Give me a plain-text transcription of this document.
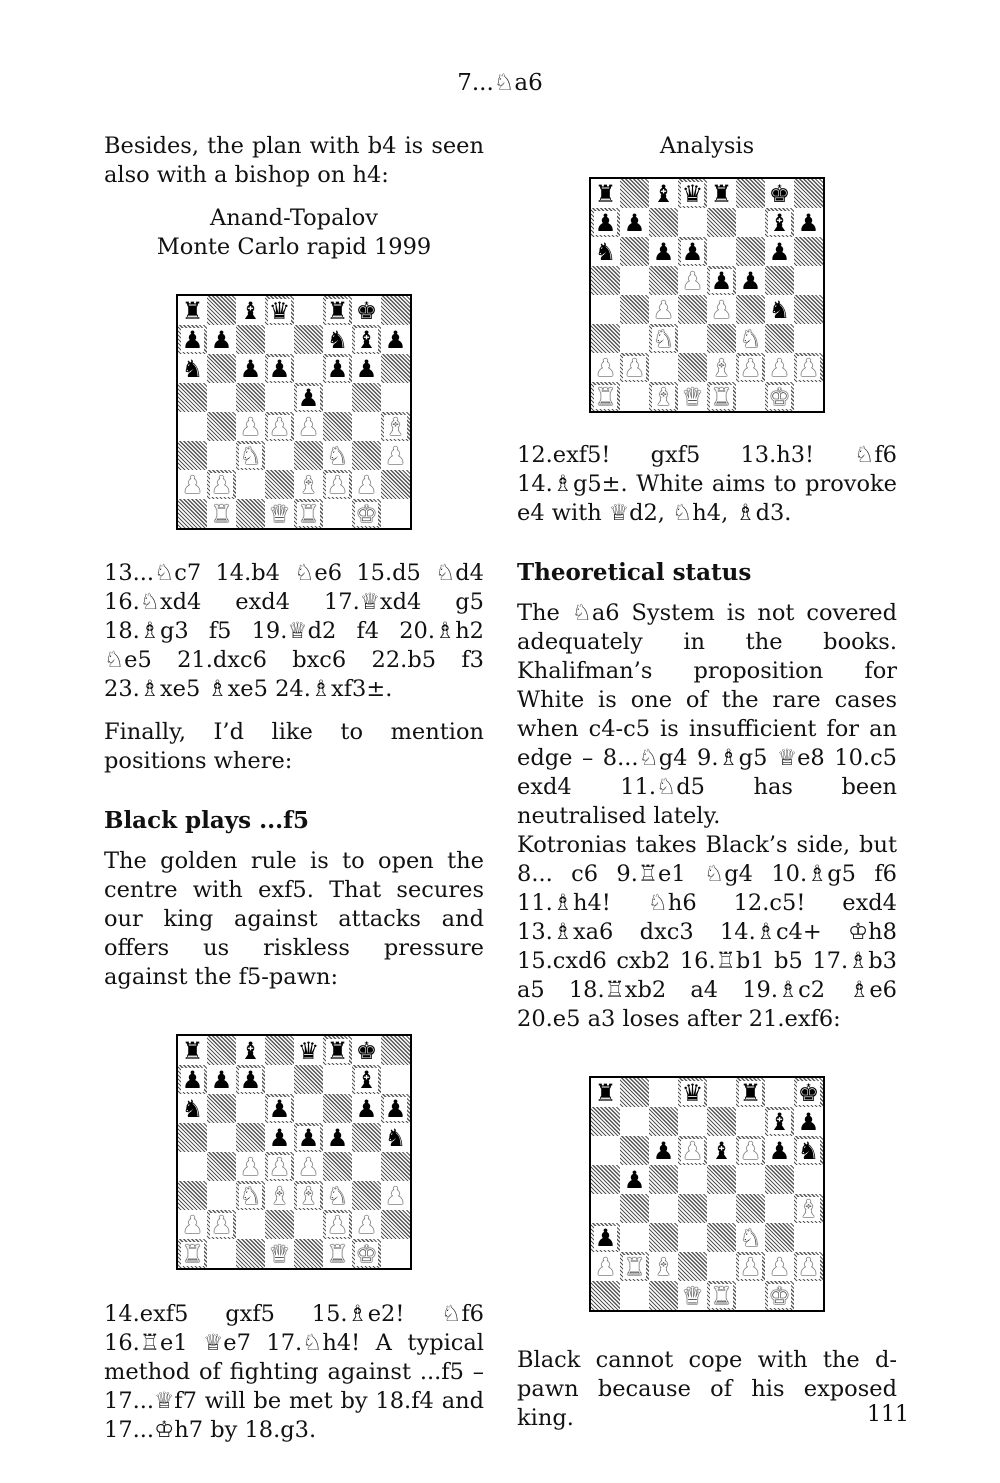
7...♘a6

Besides, the plan with b4 is seen also with a bishop on h4:

Anand-Topalov

Monte Carlo rapid 1999

♜ ♝ ♛ ♜ ♚
♟ ♟	♞ ♝ ♟
♞ ♟ ♟ ♟ ♟
♟
♟ ♟ ♟	♝
♞	♞ ♟
♟ ♟	♝ ♟ ♟
♜ ♛ ♜ ♚

13...♘c7 14.b4 ♘e6 15.d5 ♘d4 16.♘xd4 exd4 17.♕xd4 g5 18.♗g3 f5 19.♕d2 f4 20.♗h2 ♘e5 21.dxc6 bxc6 22.b5 f3 23.♗xe5 ♗xe5 24.♗xf3±.

Finally, I’d like to mention positions where:

Black plays ...f5

The golden rule is to open the centre with exf5. That secures our king against attacks and offers us riskless pressure against the f5-pawn:

♜ ♝ ♛ ♜ ♚
♟ ♟ ♟	♝
♞	♟	♟ ♟
♟ ♟ ♟ ♞
♟ ♟ ♟
♞ ♝ ♝ ♞ ♟
♟ ♟	♟ ♟
♜	♛ ♜ ♚

14.exf5 gxf5 15.♗e2! ♘f6 16.♖e1 ♕e7 17.♘h4! A typical method of fighting against ...f5 – 17...♕f7 will be met by 18.f4 and 17...♔h7 by 18.g3.

Analysis

♜ ♝ ♛ ♜ ♚
♟ ♟	♝ ♟
♞ ♟ ♟	♟
♟ ♟ ♟
♟ ♟ ♞
♞	♞
♟ ♟	♝ ♟ ♟ ♟
♜ ♝ ♛ ♜ ♚

12.exf5! gxf5 13.h3! ♘f6 14.♗g5±. White aims to provoke e4 with ♕d2, ♘h4, ♗d3.

Theoretical status

The ♘a6 System is not covered adequately in the books. Khalifman’s proposition for White is one of the rare cases when c4-c5 is insufficient for an edge – 8...♘g4 9.♗g5 ♕e8 10.c5 exd4 11.♘d5 has been neutralised lately.

Kotronias takes Black’s side, but 8... c6 9.♖e1 ♘g4 10.♗g5 f6 11.♗h4! ♘h6 12.c5! exd4 13.♗xa6 dxc3 14.♗c4+ ♔h8 15.cxd6 cxb2 16.♖b1 b5 17.♗b3 a5 18.♖xb2 a4 19.♗c2 ♗e6 20.e5 a3 loses after 21.exf6:

♜	♛ ♜ ♚
♝ ♟
♟ ♟ ♝ ♟ ♟ ♞
♟
♝
♟	♞
♟ ♜ ♝	♟ ♟ ♟
♛ ♜ ♚

Black cannot cope with the d-pawn because of his exposed king.	111
